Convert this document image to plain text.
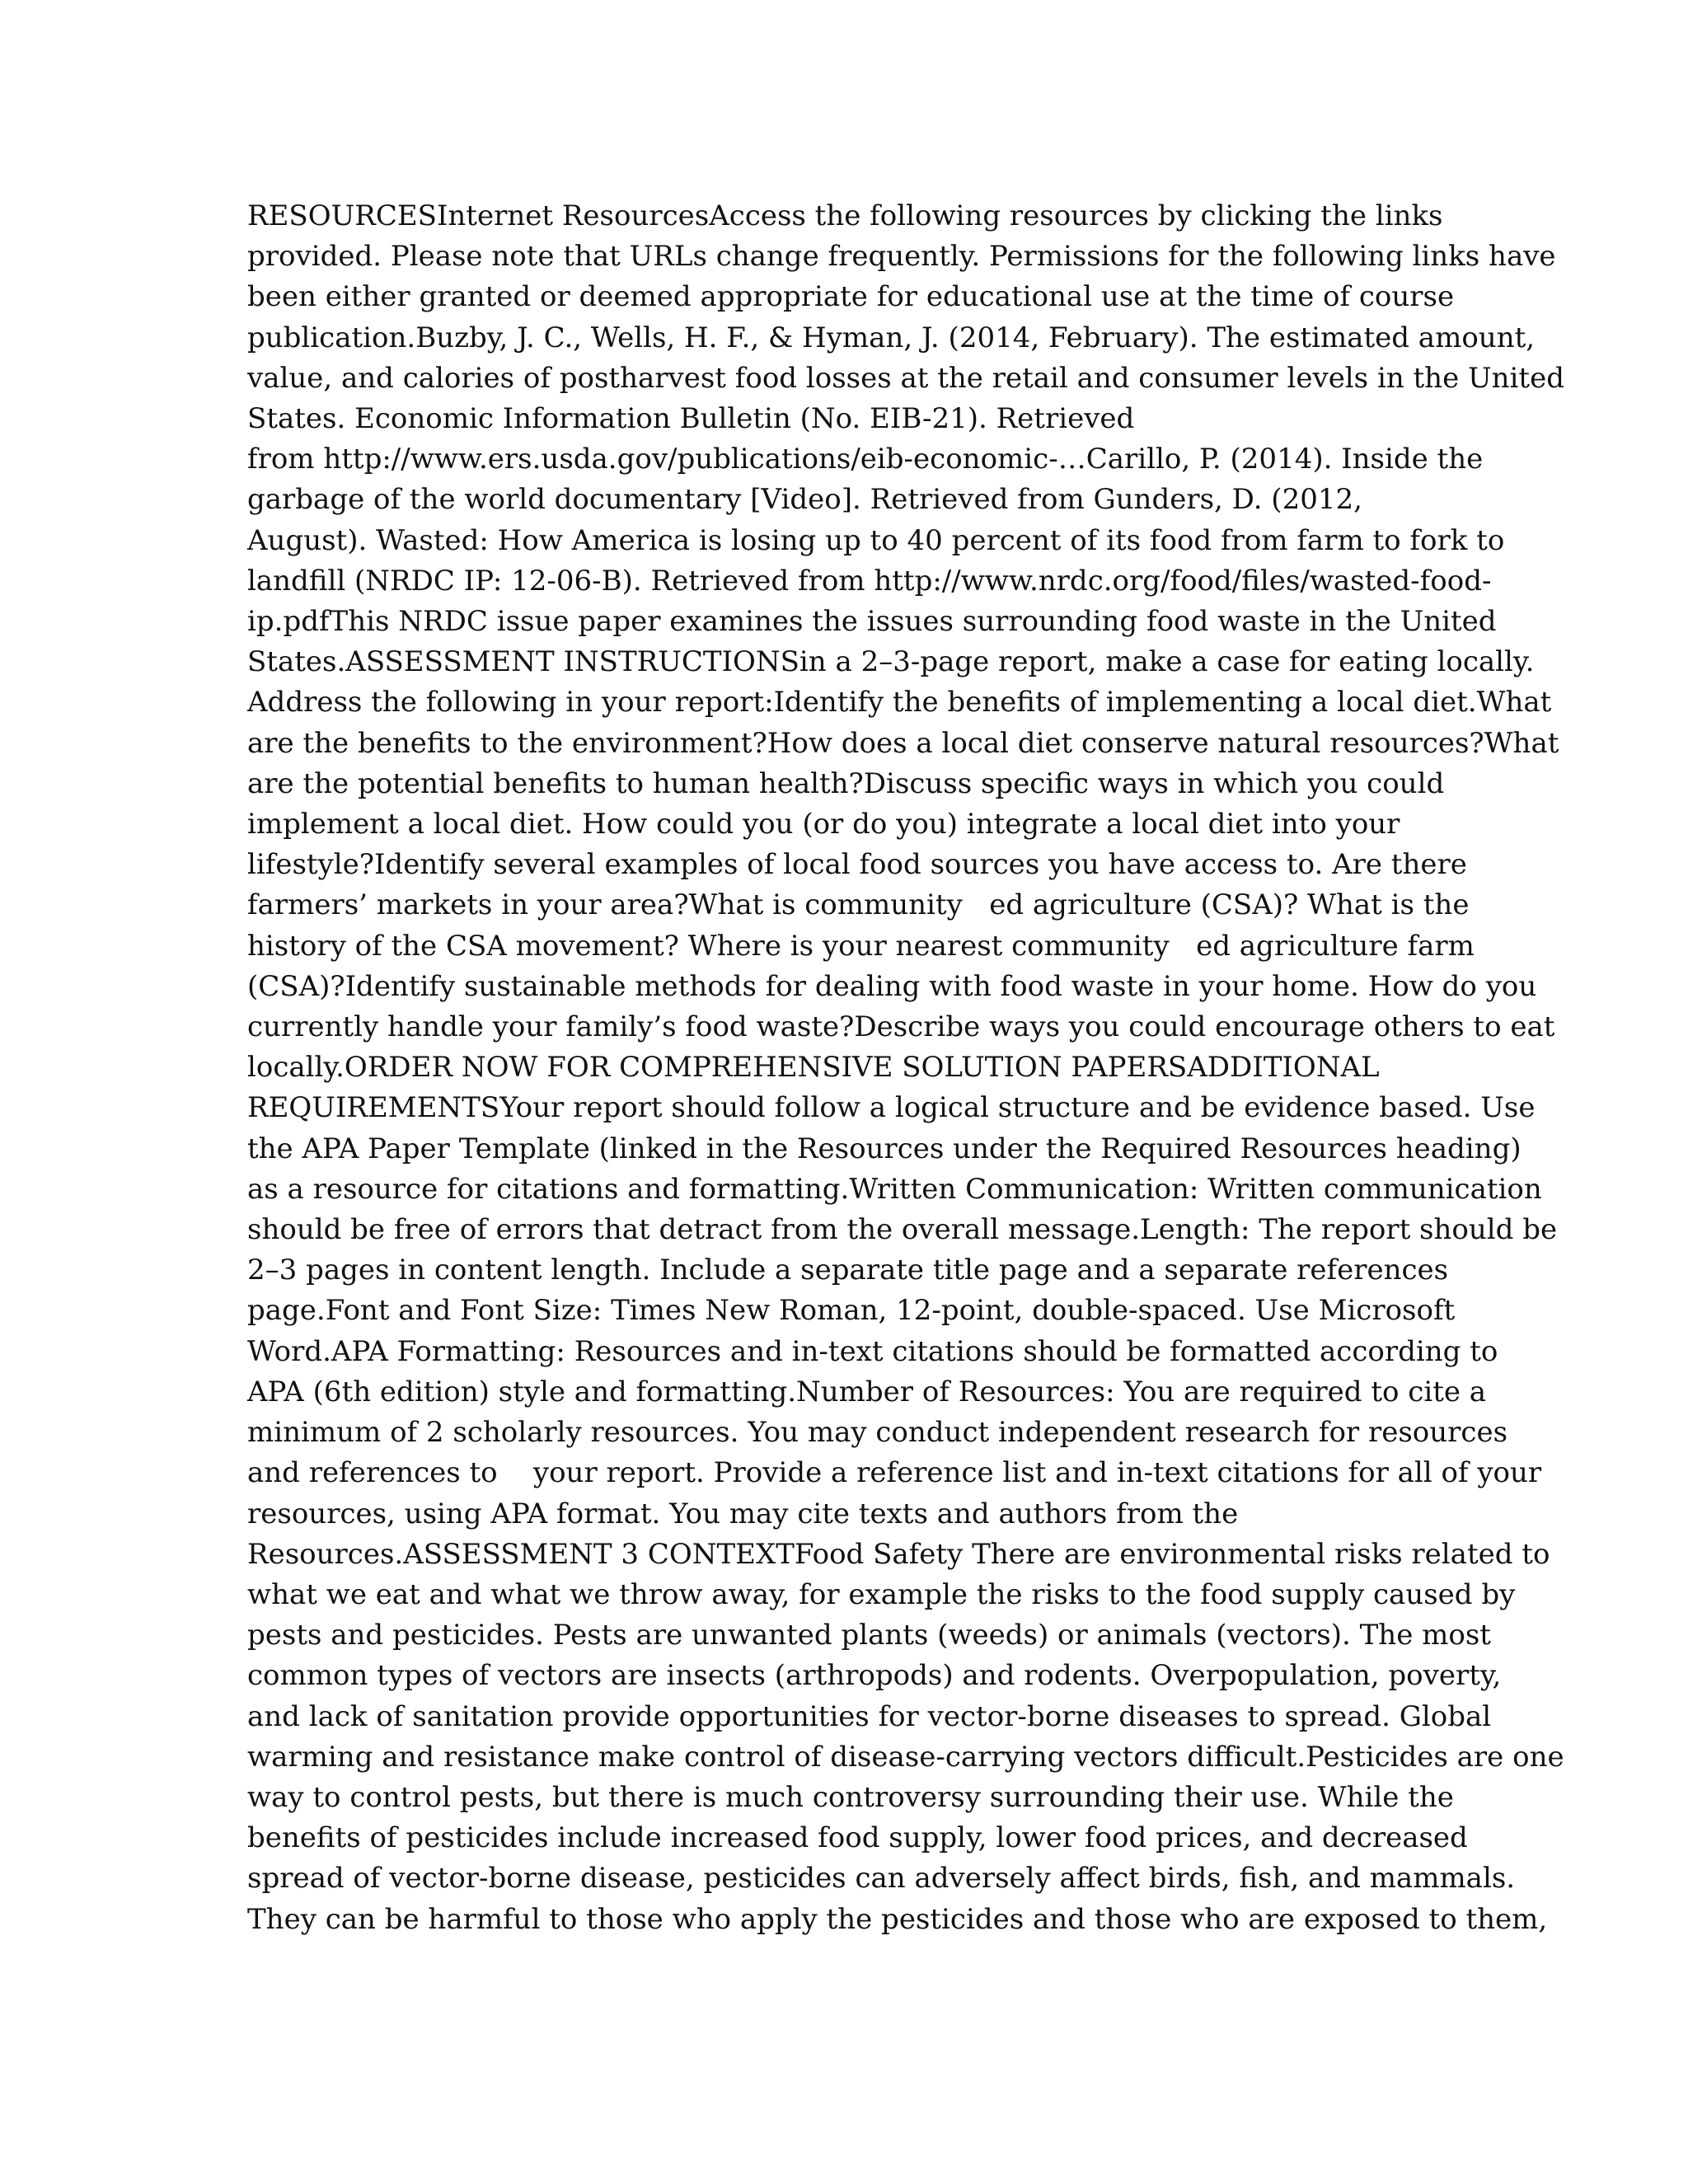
RESOURCESInternet ResourcesAccess the following resources by clicking the links
provided. Please note that URLs change frequently. Permissions for the following links have
been either granted or deemed appropriate for educational use at the time of course
publication.Buzby, J. C., Wells, H. F., & Hyman, J. (2014, February). The estimated amount,
value, and calories of postharvest food losses at the retail and consumer levels in the United
States. Economic Information Bulletin (No. EIB-21). Retrieved
from http://www.ers.usda.gov/publications/eib-economic-…Carillo, P. (2014). Inside the
garbage of the world documentary [Video]. Retrieved from Gunders, D. (2012,
August). Wasted: How America is losing up to 40 percent of its food from farm to fork to
landfill (NRDC IP: 12-06-B). Retrieved from http://www.nrdc.org/food/files/wasted-food-
ip.pdfThis NRDC issue paper examines the issues surrounding food waste in the United
States.ASSESSMENT INSTRUCTIONSin a 2–3-page report, make a case for eating locally.
Address the following in your report:Identify the benefits of implementing a local diet.What
are the benefits to the environment?How does a local diet conserve natural resources?What
are the potential benefits to human health?Discuss specific ways in which you could
implement a local diet. How could you (or do you) integrate a local diet into your
lifestyle?Identify several examples of local food sources you have access to. Are there
farmers’ markets in your area?What is community   ed agriculture (CSA)? What is the
history of the CSA movement? Where is your nearest community   ed agriculture farm
(CSA)?Identify sustainable methods for dealing with food waste in your home. How do you
currently handle your family’s food waste?Describe ways you could encourage others to eat
locally.ORDER NOW FOR COMPREHENSIVE SOLUTION PAPERSADDITIONAL
REQUIREMENTSYour report should follow a logical structure and be evidence based. Use
the APA Paper Template (linked in the Resources under the Required Resources heading)
as a resource for citations and formatting.Written Communication: Written communication
should be free of errors that detract from the overall message.Length: The report should be
2–3 pages in content length. Include a separate title page and a separate references
page.Font and Font Size: Times New Roman, 12-point, double-spaced. Use Microsoft
Word.APA Formatting: Resources and in-text citations should be formatted according to
APA (6th edition) style and formatting.Number of Resources: You are required to cite a
minimum of 2 scholarly resources. You may conduct independent research for resources
and references to    your report. Provide a reference list and in-text citations for all of your
resources, using APA format. You may cite texts and authors from the
Resources.ASSESSMENT 3 CONTEXTFood Safety There are environmental risks related to
what we eat and what we throw away, for example the risks to the food supply caused by
pests and pesticides. Pests are unwanted plants (weeds) or animals (vectors). The most
common types of vectors are insects (arthropods) and rodents. Overpopulation, poverty,
and lack of sanitation provide opportunities for vector-borne diseases to spread. Global
warming and resistance make control of disease-carrying vectors difficult.Pesticides are one
way to control pests, but there is much controversy surrounding their use. While the
benefits of pesticides include increased food supply, lower food prices, and decreased
spread of vector-borne disease, pesticides can adversely affect birds, fish, and mammals.
They can be harmful to those who apply the pesticides and those who are exposed to them,
